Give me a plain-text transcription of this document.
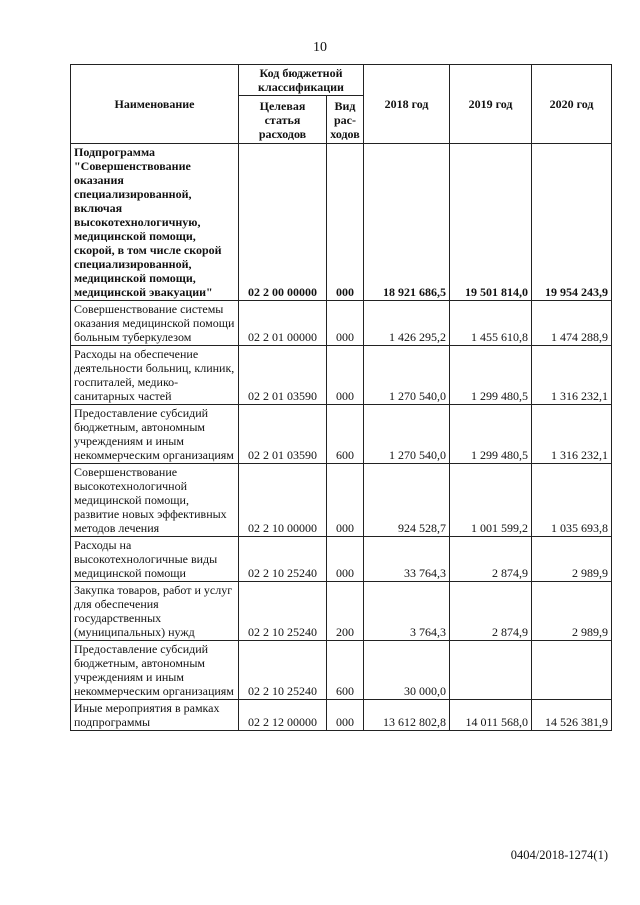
10
Наименование	Код бюджетной классификации		2018 год	2019 год	2020 год
	Целевая статья расходов	Вид рас- ходов			
Подпрограмма "Совершенствование оказания специализированной, включая высокотехнологичную, медицинской помощи, скорой, в том числе скорой специализированной, медицинской помощи, медицинской эвакуации"	02 2 00 00000	000	18 921 686,5	19 501 814,0	19 954 243,9
Совершенствование системы оказания медицинской помощи больным туберкулезом	02 2 01 00000	000	1 426 295,2	1 455 610,8	1 474 288,9
Расходы на обеспечение деятельности больниц, клиник, госпиталей, медико-санитарных частей	02 2 01 03590	000	1 270 540,0	1 299 480,5	1 316 232,1
Предоставление субсидий бюджетным, автономным учреждениям и иным некоммерческим организациям	02 2 01 03590	600	1 270 540,0	1 299 480,5	1 316 232,1
Совершенствование высокотехнологичной медицинской помощи, развитие новых эффективных методов лечения	02 2 10 00000	000	924 528,7	1 001 599,2	1 035 693,8
Расходы на высокотехнологичные виды медицинской помощи	02 2 10 25240	000	33 764,3	2 874,9	2 989,9
Закупка товаров, работ и услуг для обеспечения государственных (муниципальных) нужд	02 2 10 25240	200	3 764,3	2 874,9	2 989,9
Предоставление субсидий бюджетным, автономным учреждениям и иным некоммерческим организациям	02 2 10 25240	600	30 000,0		
Иные мероприятия в рамках подпрограммы	02 2 12 00000	000	13 612 802,8	14 011 568,0	14 526 381,9
0404/2018-1274(1)
